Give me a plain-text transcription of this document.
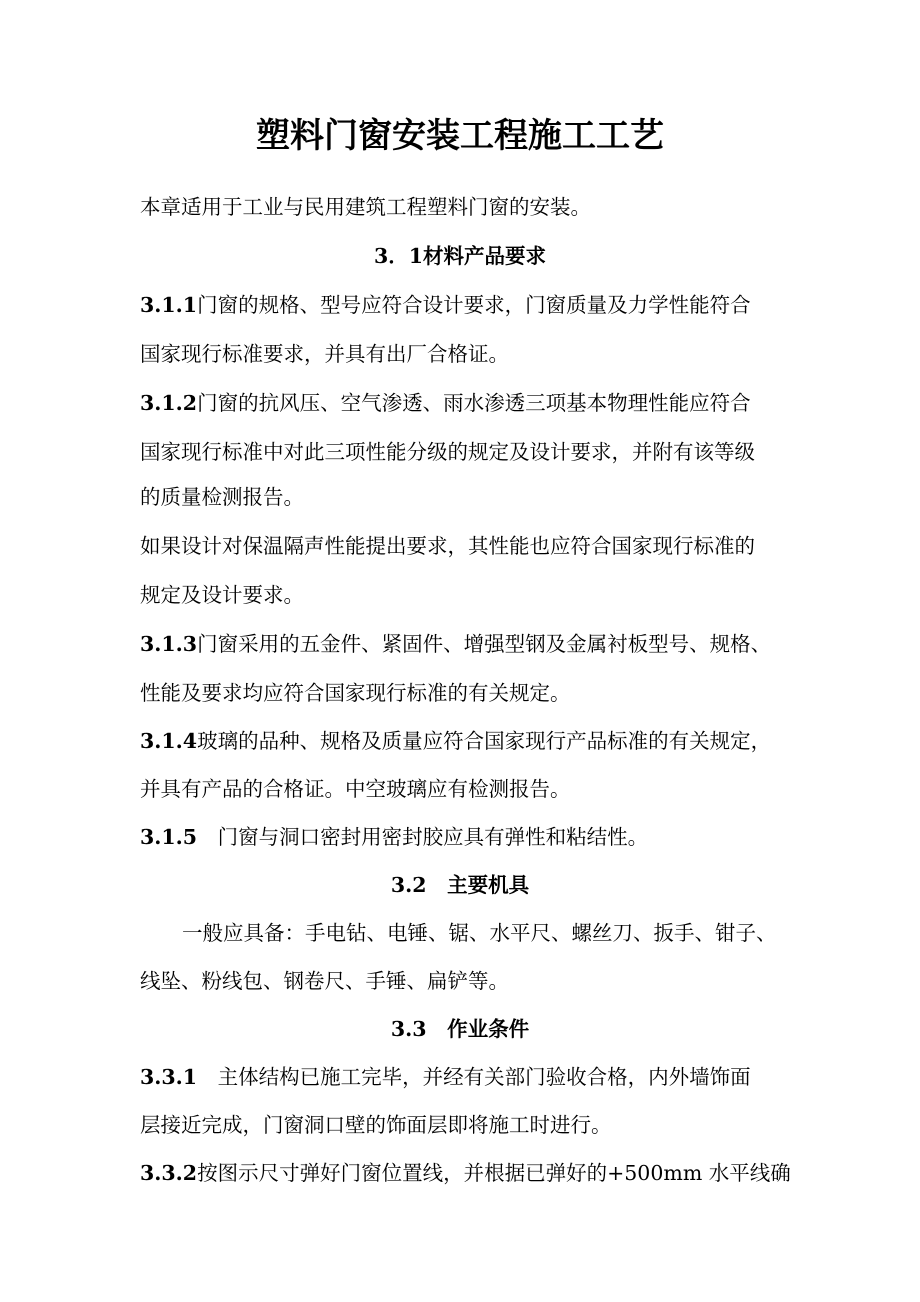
塑料门窗安装工程施工工艺
本章适用于工业与民用建筑工程塑料门窗的安装。
3．1材料产品要求
3.1.1门窗的规格、型号应符合设计要求，门窗质量及力学性能符合
国家现行标准要求，并具有出厂合格证。
3.1.2门窗的抗风压、空气渗透、雨水渗透三项基本物理性能应符合
国家现行标准中对此三项性能分级的规定及设计要求，并附有该等级
的质量检测报告。
如果设计对保温隔声性能提出要求，其性能也应符合国家现行标准的
规定及设计要求。
3.1.3门窗采用的五金件、紧固件、增强型钢及金属衬板型号、规格、
性能及要求均应符合国家现行标准的有关规定。
3.1.4玻璃的品种、规格及质量应符合国家现行产品标准的有关规定，
并具有产品的合格证。中空玻璃应有检测报告。
3.1.5　门窗与洞口密封用密封胶应具有弹性和粘结性。
3.2　主要机具
一般应具备：手电钻、电锤、锯、水平尺、螺丝刀、扳手、钳子、
线坠、粉线包、钢卷尺、手锤、扁铲等。
3.3　作业条件
3.3.1　主体结构已施工完毕，并经有关部门验收合格，内外墙饰面
层接近完成，门窗洞口壁的饰面层即将施工时进行。
3.3.2按图示尺寸弹好门窗位置线，并根据已弹好的+500mm 水平线确
